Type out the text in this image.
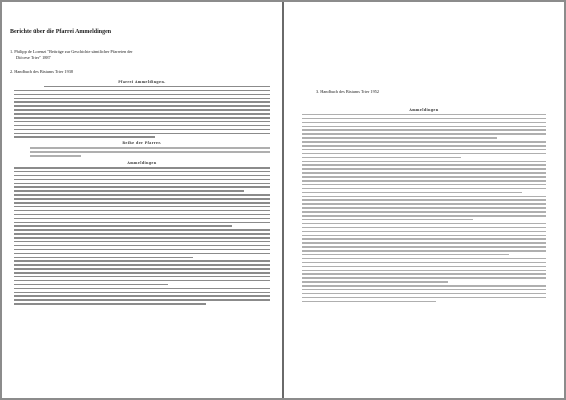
Berichte über die Pfarrei Ammeldingen
1. Philipp de Lorenzi "Beiträge zur Geschichte sämtlicher Pfarreien der
Diöcese Trier" 1887
2. Handbuch des Bistums Trier 1938
Pfarrei Ammeldingen.
Reihe der Pfarrer.
Ammeldingen
3. Handbuch des Bistums Trier 1952
Ammeldingen
